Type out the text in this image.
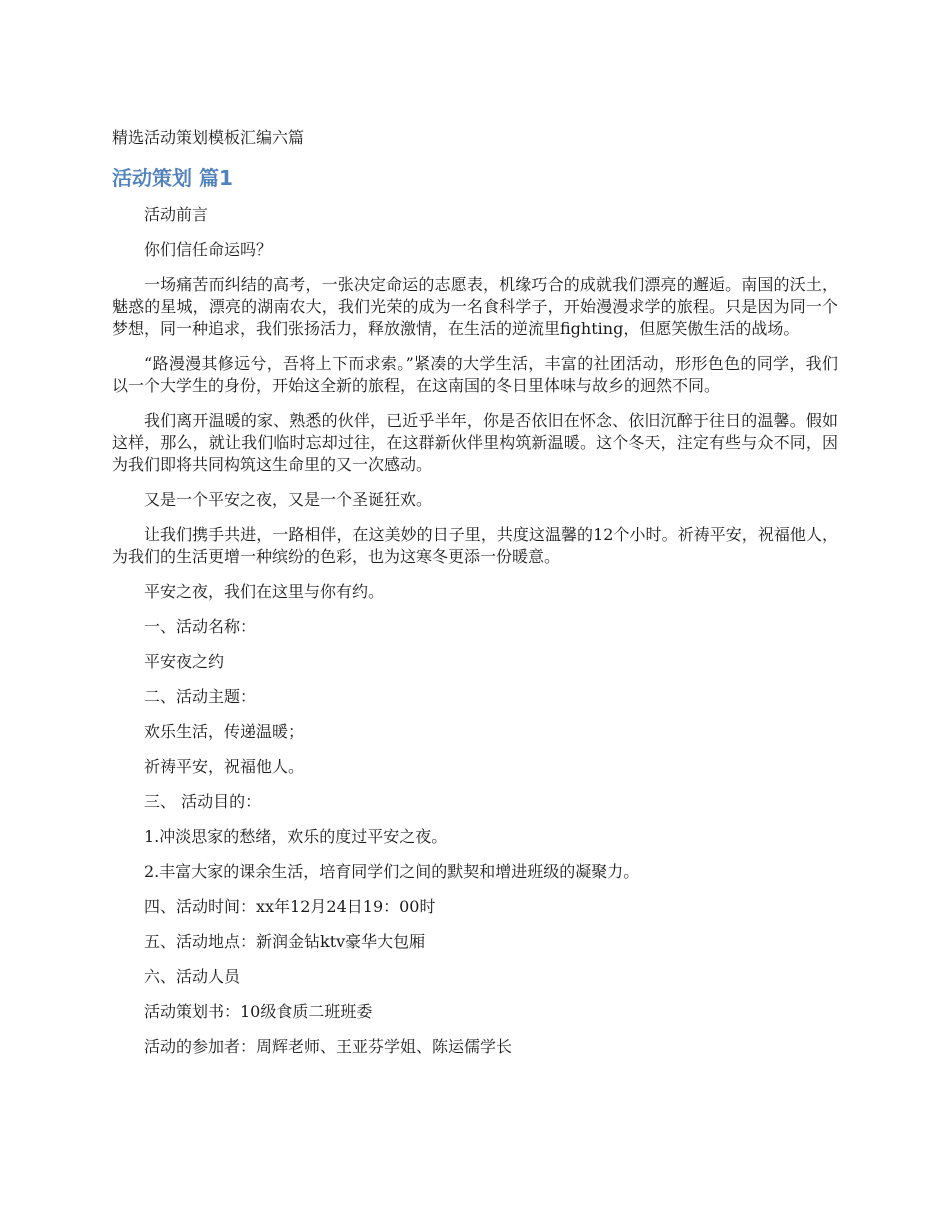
精选活动策划模板汇编六篇
活动策划 篇1

活动前言

你们信任命运吗？

一场痛苦而纠结的高考，一张决定命运的志愿表，机缘巧合的成就我们漂亮的邂逅。南国的沃土，魅惑的星城，漂亮的湖南农大，我们光荣的成为一名食科学子，开始漫漫求学的旅程。只是因为同一个梦想，同一种追求，我们张扬活力，释放激情，在生活的逆流里fighting，但愿笑傲生活的战场。

“路漫漫其修远兮，吾将上下而求索。”紧凑的大学生活，丰富的社团活动，形形色色的同学，我们以一个大学生的身份，开始这全新的旅程，在这南国的冬日里体味与故乡的迥然不同。

我们离开温暖的家、熟悉的伙伴，已近乎半年，你是否依旧在怀念、依旧沉醉于往日的温馨。假如这样，那么，就让我们临时忘却过往，在这群新伙伴里构筑新温暖。这个冬天，注定有些与众不同，因为我们即将共同构筑这生命里的又一次感动。

又是一个平安之夜，又是一个圣诞狂欢。

让我们携手共进，一路相伴，在这美妙的日子里，共度这温馨的12个小时。祈祷平安，祝福他人，为我们的生活更增一种缤纷的色彩，也为这寒冬更添一份暖意。

平安之夜，我们在这里与你有约。

一、活动名称：

平安夜之约

二、活动主题：

欢乐生活，传递温暖；

祈祷平安，祝福他人。

三、 活动目的：

1.冲淡思家的愁绪，欢乐的度过平安之夜。

2.丰富大家的课余生活，培育同学们之间的默契和增进班级的凝聚力。

四、活动时间：xx年12月24日19：00时

五、活动地点：新润金钻ktv豪华大包厢

六、活动人员

活动策划书：10级食质二班班委

活动的参加者：周辉老师、王亚芬学姐、陈运儒学长
